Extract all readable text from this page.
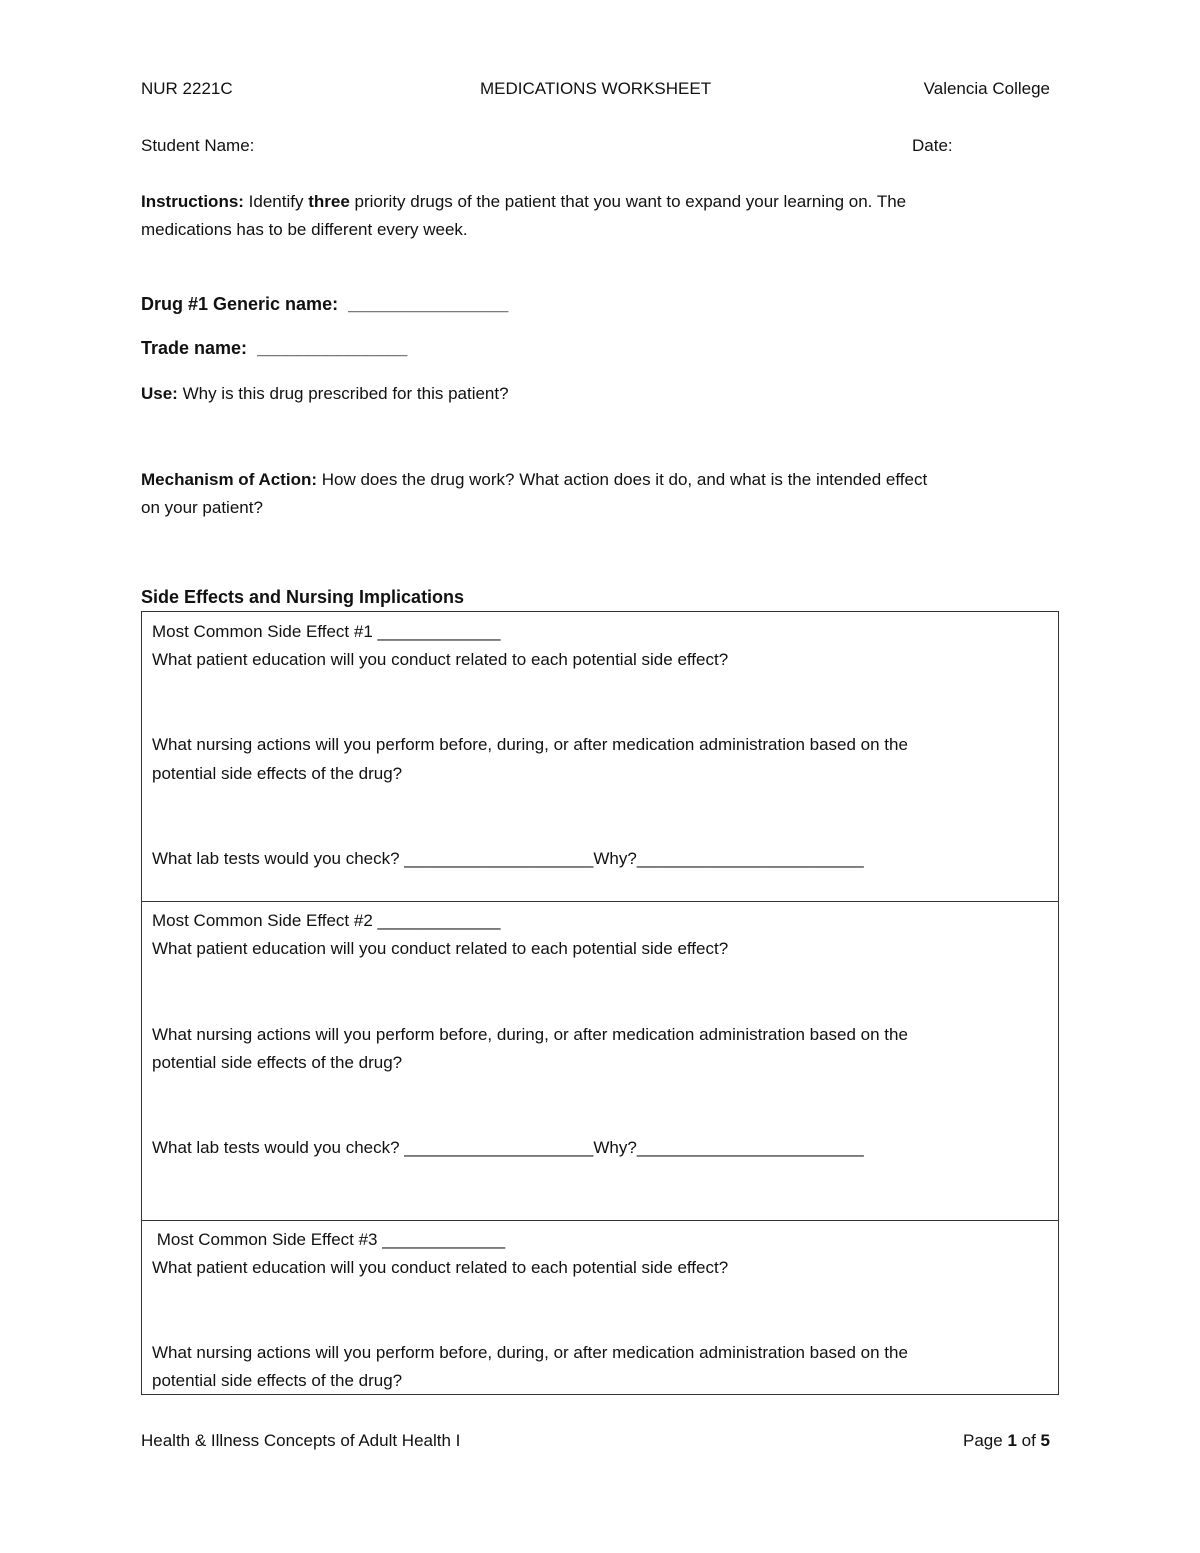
NUR 2221C	MEDICATIONS WORKSHEET	Valencia College
Student Name:	Date:
Instructions: Identify three priority drugs of the patient that you want to expand your learning on. The
medications has to be different every week.
Drug #1 Generic name: ________________
Trade name: _______________
Use: Why is this drug prescribed for this patient?
Mechanism of Action: How does the drug work? What action does it do, and what is the intended effect
on your patient?
Side Effects and Nursing Implications
Most Common Side Effect #1 _____________
What patient education will you conduct related to each potential side effect?
What nursing actions will you perform before, during, or after medication administration based on the
potential side effects of the drug?
What lab tests would you check? ____________________Why?________________________
Most Common Side Effect #2 _____________
What patient education will you conduct related to each potential side effect?
What nursing actions will you perform before, during, or after medication administration based on the
potential side effects of the drug?
What lab tests would you check? ____________________Why?________________________
Most Common Side Effect #3 _____________
What patient education will you conduct related to each potential side effect?
What nursing actions will you perform before, during, or after medication administration based on the
potential side effects of the drug?
Health & Illness Concepts of Adult Health I	Page 1 of 5
